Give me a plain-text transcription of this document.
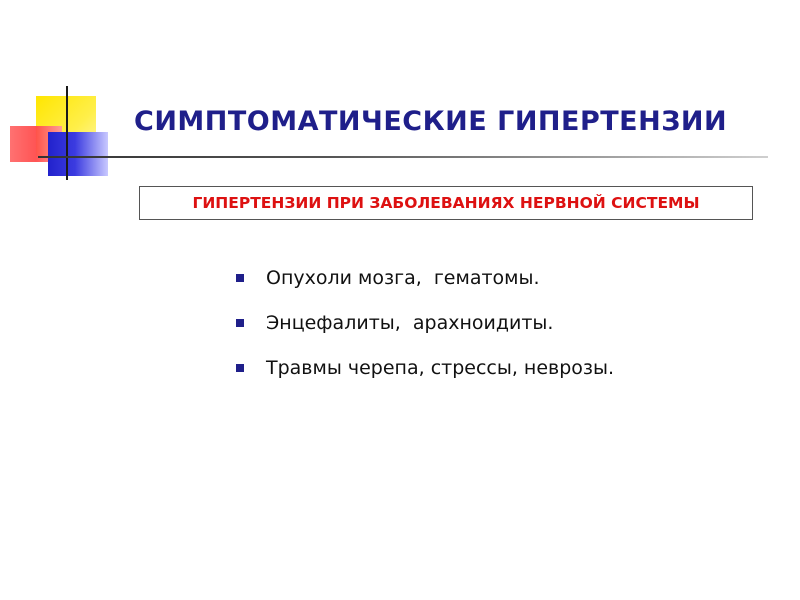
СИМПТОМАТИЧЕСКИЕ ГИПЕРТЕНЗИИ
ГИПЕРТЕНЗИИ ПРИ ЗАБОЛЕВАНИЯХ НЕРВНОЙ СИСТЕМЫ
Опухоли мозга,  гематомы.
Энцефалиты,  арахноидиты.
Травмы черепа, стрессы, неврозы.
